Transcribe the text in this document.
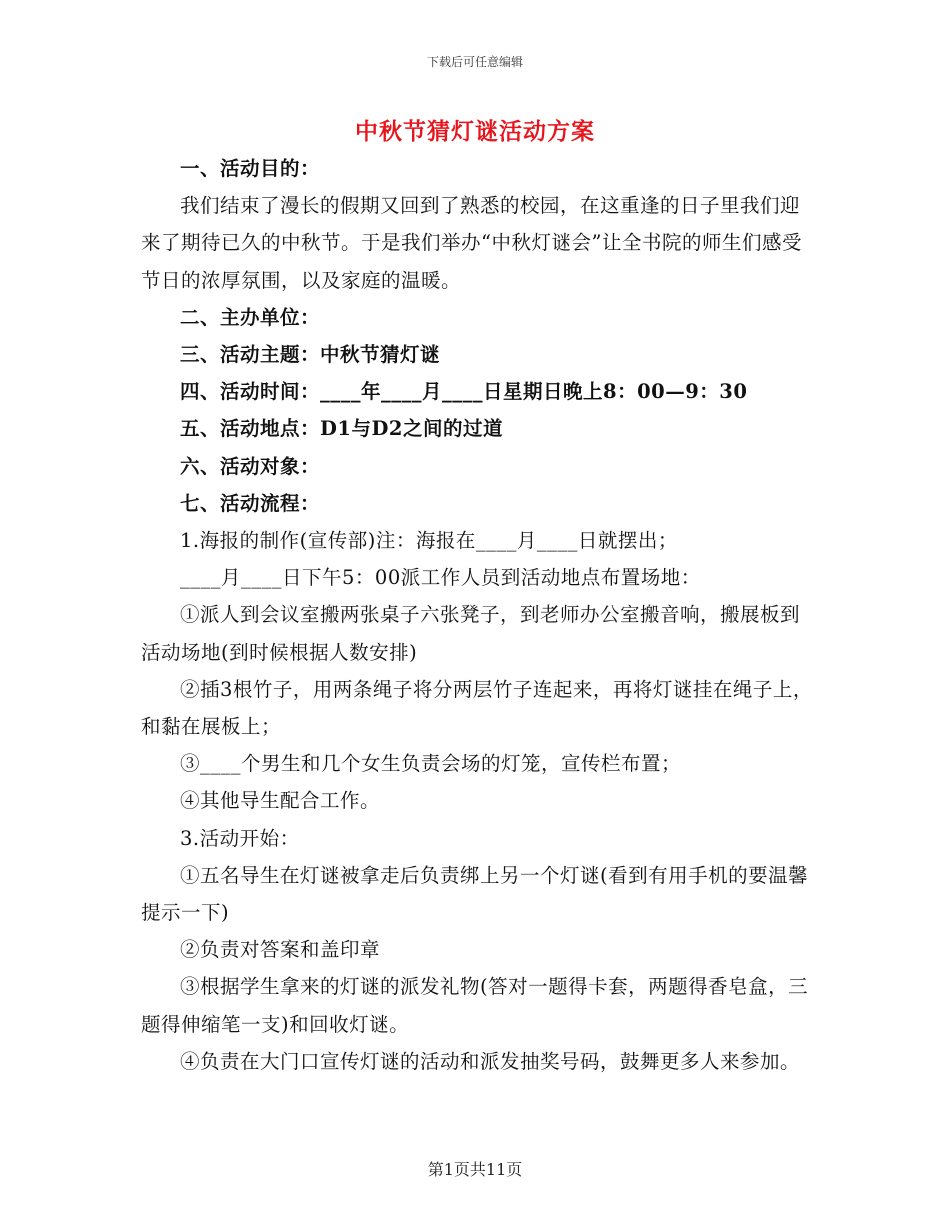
下载后可任意编辑
中秋节猜灯谜活动方案

一、活动目的：

我们结束了漫长的假期又回到了熟悉的校园，在这重逢的日子里我们迎来了期待已久的中秋节。于是我们举办“中秋灯谜会”让全书院的师生们感受节日的浓厚氛围，以及家庭的温暖。

二、主办单位：

三、活动主题：中秋节猜灯谜

四、活动时间：____年____月____日星期日晚上8：00—9：30

五、活动地点：D1与D2之间的过道

六、活动对象：

七、活动流程：

1.海报的制作(宣传部)注：海报在____月____日就摆出；

____月____日下午5：00派工作人员到活动地点布置场地：

①派人到会议室搬两张桌子六张凳子，到老师办公室搬音响，搬展板到活动场地(到时候根据人数安排)

②插3根竹子，用两条绳子将分两层竹子连起来，再将灯谜挂在绳子上，和黏在展板上；

③____个男生和几个女生负责会场的灯笼，宣传栏布置；

④其他导生配合工作。

3.活动开始：

①五名导生在灯谜被拿走后负责绑上另一个灯谜(看到有用手机的要温馨提示一下)

②负责对答案和盖印章

③根据学生拿来的灯谜的派发礼物(答对一题得卡套，两题得香皂盒，三题得伸缩笔一支)和回收灯谜。

④负责在大门口宣传灯谜的活动和派发抽奖号码，鼓舞更多人来参加。

第1页共11页
